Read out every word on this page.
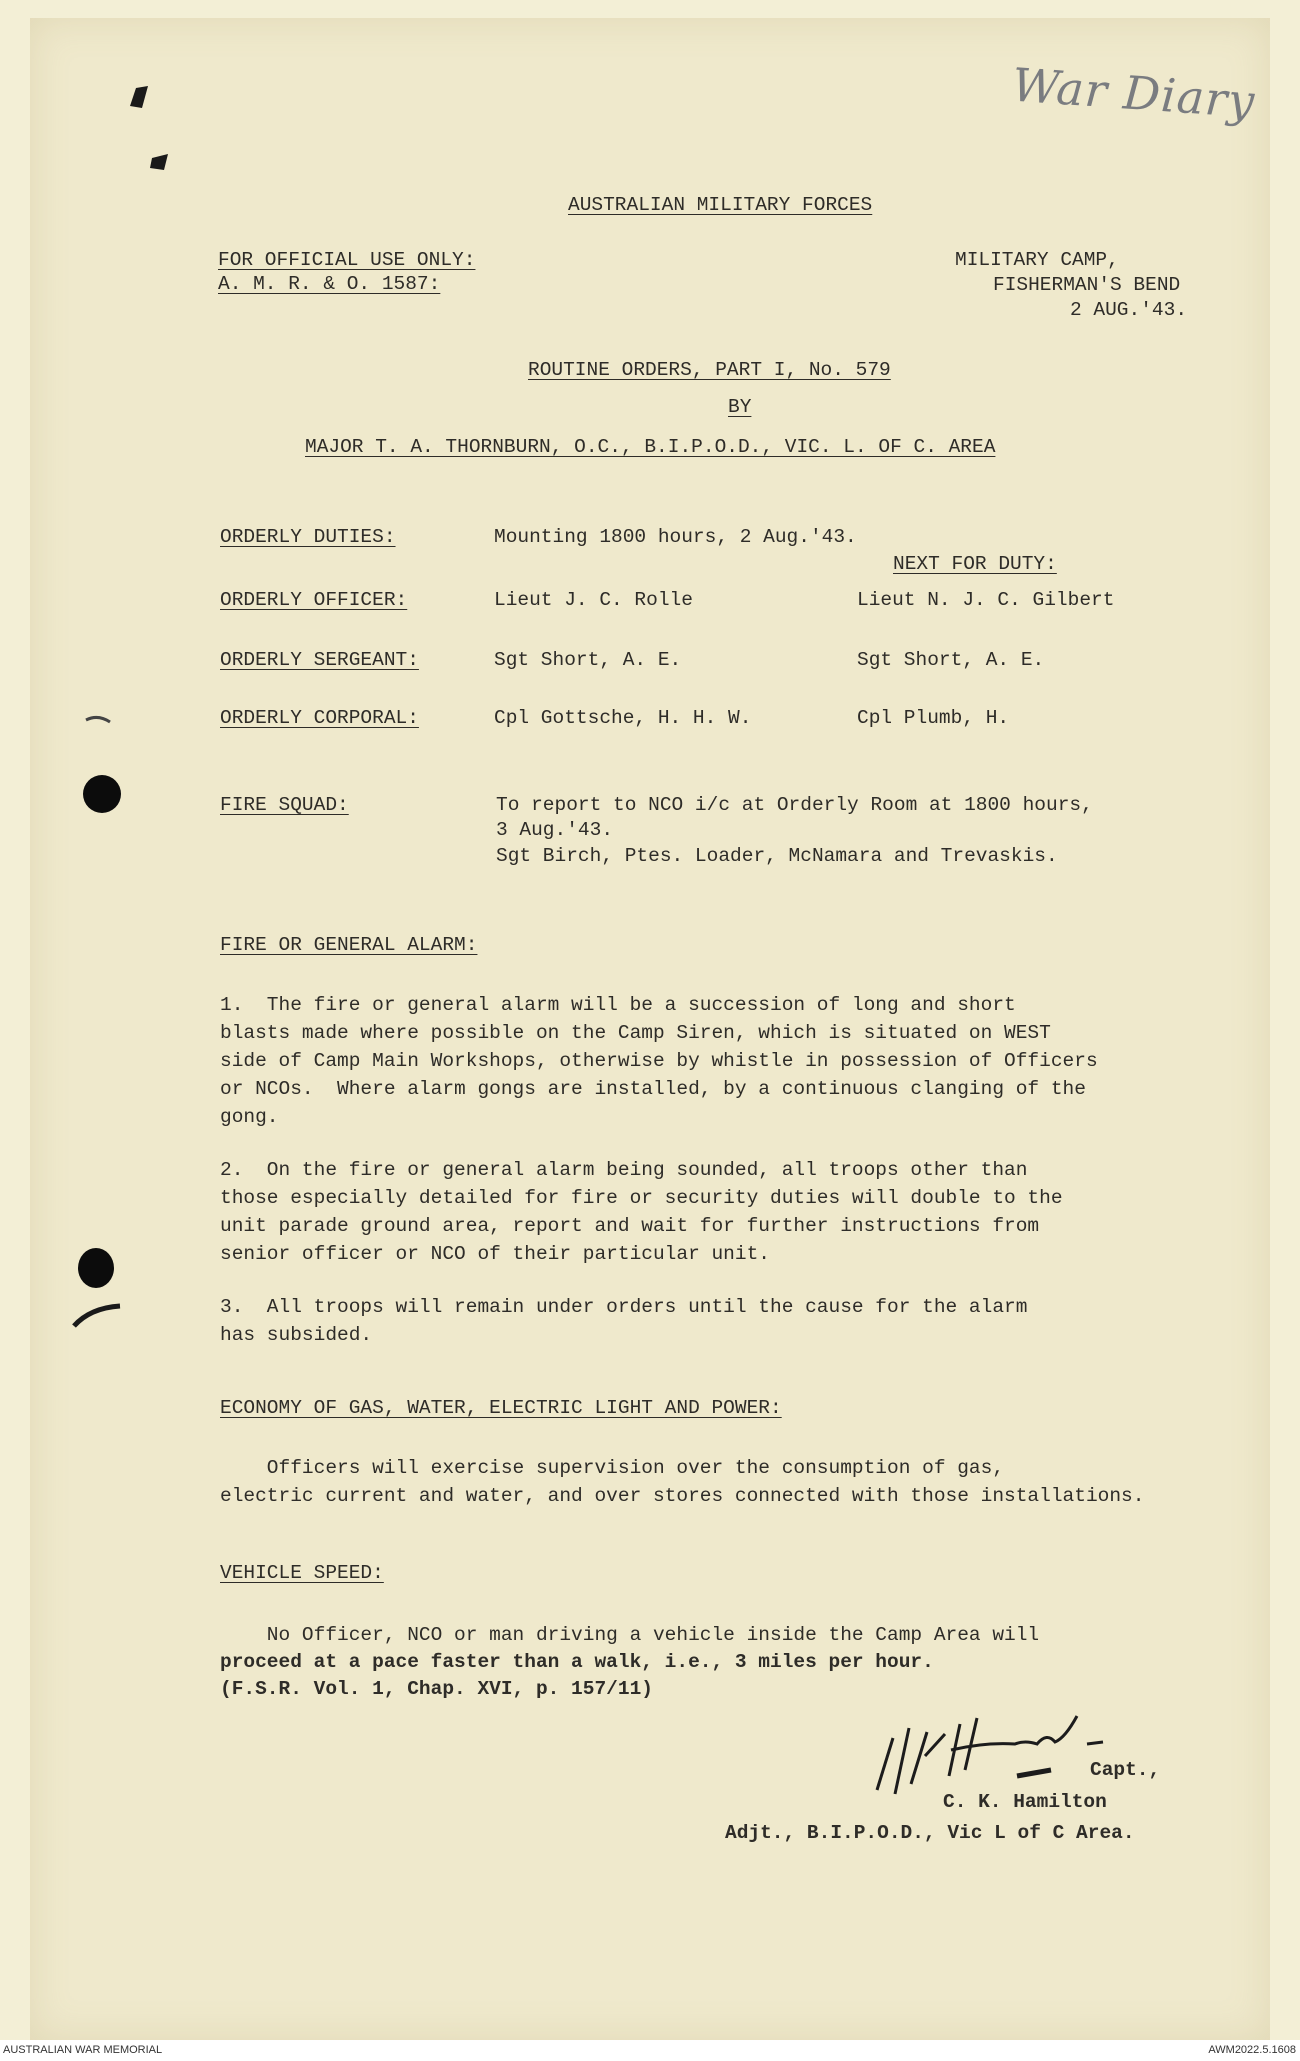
War Diary
AUSTRALIAN MILITARY FORCES
FOR OFFICIAL USE ONLY:
A. M. R. & O. 1587:
MILITARY CAMP,
FISHERMAN'S BEND
2 AUG.'43.
ROUTINE ORDERS, PART I, No. 579
BY
MAJOR T. A. THORNBURN, O.C., B.I.P.O.D., VIC. L. OF C. AREA
ORDERLY DUTIES:	Mounting 1800 hours, 2 Aug.'43.
NEXT FOR DUTY:
ORDERLY OFFICER:	Lieut J. C. Rolle	Lieut N. J. C. Gilbert
ORDERLY SERGEANT:	Sgt Short, A. E.	Sgt Short, A. E.
ORDERLY CORPORAL:	Cpl Gottsche, H. H. W.	Cpl Plumb, H.
FIRE SQUAD:	To report to NCO i/c at Orderly Room at 1800 hours,
3 Aug.'43.
Sgt Birch, Ptes. Loader, McNamara and Trevaskis.
FIRE OR GENERAL ALARM:
1.  The fire or general alarm will be a succession of long and short
blasts made where possible on the Camp Siren, which is situated on WEST
side of Camp Main Workshops, otherwise by whistle in possession of Officers
or NCOs.  Where alarm gongs are installed, by a continuous clanging of the
gong.
2.  On the fire or general alarm being sounded, all troops other than
those especially detailed for fire or security duties will double to the
unit parade ground area, report and wait for further instructions from
senior officer or NCO of their particular unit.
3.  All troops will remain under orders until the cause for the alarm
has subsided.
ECONOMY OF GAS, WATER, ELECTRIC LIGHT AND POWER:
Officers will exercise supervision over the consumption of gas,
electric current and water, and over stores connected with those installations.
VEHICLE SPEED:
No Officer, NCO or man driving a vehicle inside the Camp Area will
proceed at a pace faster than a walk, i.e., 3 miles per hour.
(F.S.R. Vol. 1, Chap. XVI, p. 157/11)
Capt.,
C. K. Hamilton
Adjt., B.I.P.O.D., Vic L of C Area.
AUSTRALIAN WAR MEMORIAL	AWM2022.5.1608
